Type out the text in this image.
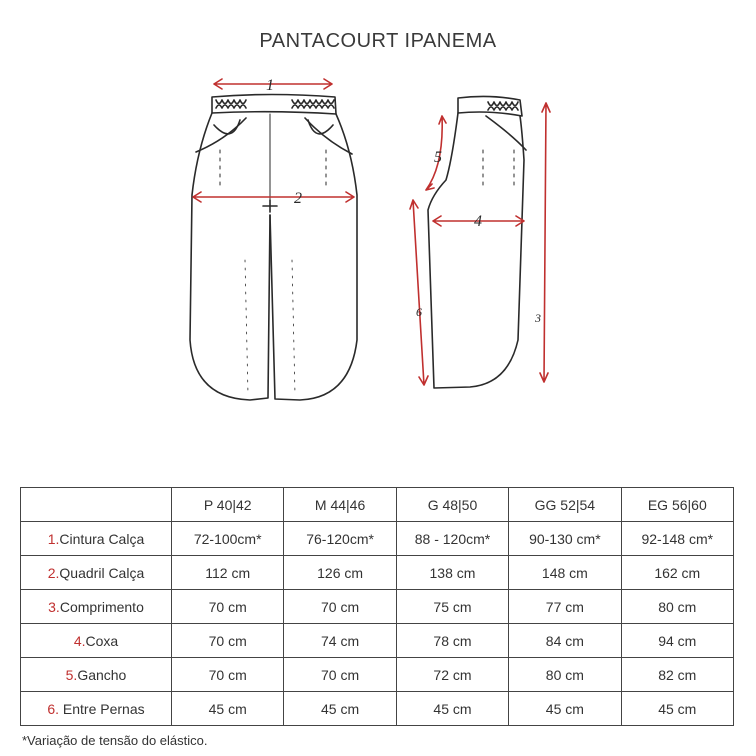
PANTACOURT IPANEMA
1
2
3
4
5
6
	P 40|42	M 44|46	G 48|50	GG 52|54	EG 56|60
1.Cintura Calça	72-100cm*	76-120cm*	88 - 120cm*	90-130 cm*	92-148 cm*
2.Quadril Calça	112 cm	126 cm	138 cm	148 cm	162 cm
3.Comprimento	70 cm	70 cm	75 cm	77 cm	80 cm
4.Coxa	70 cm	74 cm	78 cm	84 cm	94 cm
5.Gancho	70 cm	70 cm	72 cm	80 cm	82 cm
6. Entre Pernas	45 cm	45 cm	45 cm	45 cm	45 cm
*Variação de tensão do elástico.
